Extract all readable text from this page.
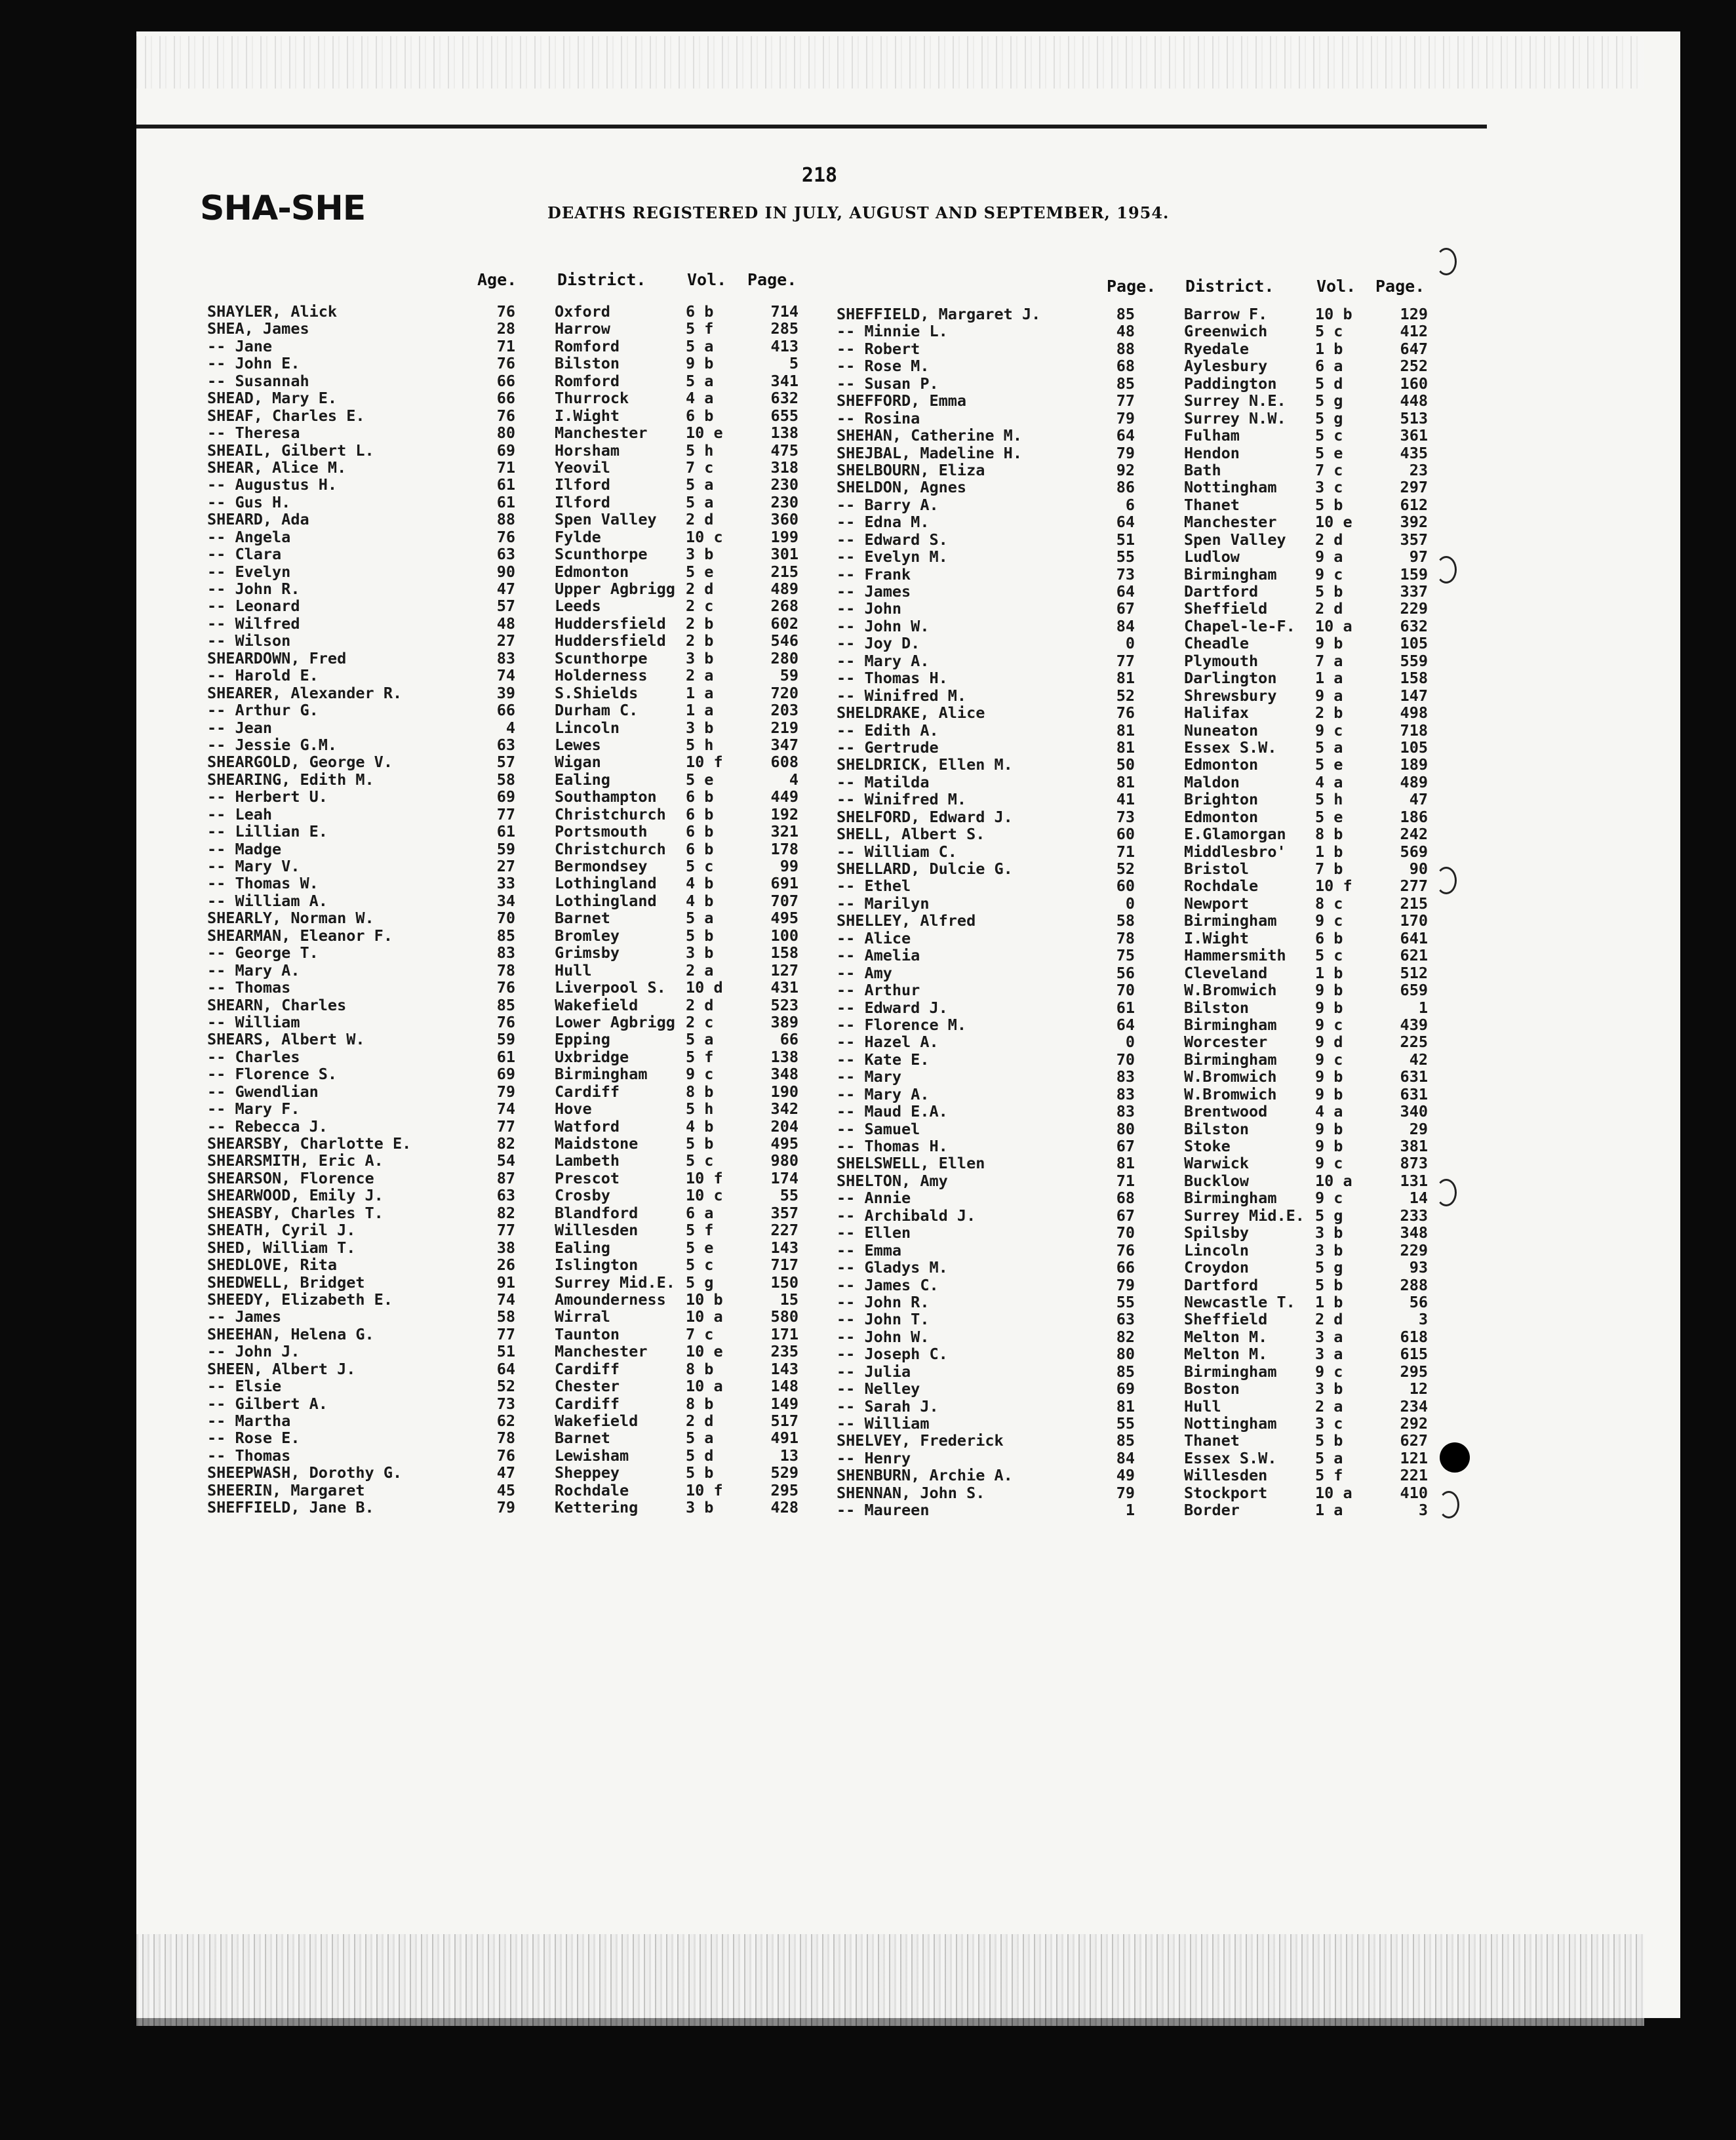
218
SHA-SHE	DEATHS REGISTERED IN JULY, AUGUST AND SEPTEMBER, 1954.
Age. District.	Vol. Page.	Page. District.	Vol. Page.
SHAYLER, Alick	76	Oxford	6 b	714
SHEA, James	28	Harrow	5 f	285
-- Jane	71	Romford	5 a	413
-- John E.	76	Bilston	9 b	5
-- Susannah	66	Romford	5 a	341
SHEAD, Mary E.	66	Thurrock	4 a	632
SHEAF, Charles E.	76	I.Wight	6 b	655
-- Theresa	80	Manchester 10 e	138
SHEAIL, Gilbert L.	69	Horsham	5 h	475
SHEAR, Alice M.	71	Yeovil	7 c	318
-- Augustus H.	61	Ilford	5 a	230
-- Gus H.	61	Ilford	5 a	230
SHEARD, Ada	88	Spen Valley 2 d	360
-- Angela	76	Fylde	10 c	199
-- Clara	63	Scunthorpe 3 b	301
-- Evelyn	90	Edmonton	5 e	215
-- John R.	47	Upper Agbrigg 2 d	489
-- Leonard	57	Leeds	2 c	268
-- Wilfred	48	Huddersfield 2 b	602
-- Wilson	27	Huddersfield 2 b	546
SHEARDOWN, Fred	83	Scunthorpe 3 b	280
-- Harold E.	74	Holderness 2 a	59
SHEARER, Alexander R.	39	S.Shields	1 a	720
-- Arthur G.	66	Durham C.	1 a	203
-- Jean	4	Lincoln	3 b	219
-- Jessie G.M.	63	Lewes	5 h	347
SHEARGOLD, George V.	57	Wigan	10 f	608
SHEARING, Edith M.	58	Ealing	5 e	4
-- Herbert U.	69	Southampton 6 b	449
-- Leah	77	Christchurch 6 b	192
-- Lillian E.	61	Portsmouth 6 b	321
-- Madge	59	Christchurch 6 b	178
-- Mary V.	27	Bermondsey 5 c	99
-- Thomas W.	33	Lothingland 4 b	691
-- William A.	34	Lothingland 4 b	707
SHEARLY, Norman W.	70	Barnet	5 a	495
SHEARMAN, Eleanor F.	85	Bromley	5 b	100
-- George T.	83	Grimsby	3 b	158
-- Mary A.	78	Hull	2 a	127
-- Thomas	76	Liverpool S. 10 d	431
SHEARN, Charles	85	Wakefield	2 d	523
-- William	76	Lower Agbrigg 2 c	389
SHEARS, Albert W.	59	Epping	5 a	66
-- Charles	61	Uxbridge	5 f	138
-- Florence S.	69	Birmingham 9 c	348
-- Gwendlian	79	Cardiff	8 b	190
-- Mary F.	74	Hove	5 h	342
-- Rebecca J.	77	Watford	4 b	204
SHEARSBY, Charlotte E.	82	Maidstone	5 b	495
SHEARSMITH, Eric A.	54	Lambeth	5 c	980
SHEARSON, Florence	87	Prescot	10 f	174
SHEARWOOD, Emily J.	63	Crosby	10 c	55
SHEASBY, Charles T.	82	Blandford	6 a	357
SHEATH, Cyril J.	77	Willesden	5 f	227
SHED, William T.	38	Ealing	5 e	143
SHEDLOVE, Rita	26	Islington	5 c	717
SHEDWELL, Bridget	91	Surrey Mid.E. 5 g	150
SHEEDY, Elizabeth E.	74	Amounderness 10 b	15
-- James	58	Wirral	10 a	580
SHEEHAN, Helena G.	77	Taunton	7 c	171
-- John J.	51	Manchester 10 e	235
SHEEN, Albert J.	64	Cardiff	8 b	143
-- Elsie	52	Chester	10 a	148
-- Gilbert A.	73	Cardiff	8 b	149
-- Martha	62	Wakefield	2 d	517
-- Rose E.	78	Barnet	5 a	491
-- Thomas	76	Lewisham	5 d	13
SHEEPWASH, Dorothy G.	47	Sheppey	5 b	529
SHEERIN, Margaret	45	Rochdale	10 f	295
SHEFFIELD, Jane B.	79	Kettering	3 b	428
SHEFFIELD, Margaret J.	85	Barrow F.	10 b	129
-- Minnie L.	48	Greenwich	5 c	412
-- Robert	88	Ryedale	1 b	647
-- Rose M.	68	Aylesbury	6 a	252
-- Susan P.	85	Paddington 5 d	160
SHEFFORD, Emma	77	Surrey N.E. 5 g	448
-- Rosina	79	Surrey N.W. 5 g	513
SHEHAN, Catherine M.	64	Fulham	5 c	361
SHEJBAL, Madeline H.	79	Hendon	5 e	435
SHELBOURN, Eliza	92	Bath	7 c	23
SHELDON, Agnes	86	Nottingham 3 c	297
-- Barry A.	6	Thanet	5 b	612
-- Edna M.	64	Manchester 10 e	392
-- Edward S.	51	Spen Valley 2 d	357
-- Evelyn M.	55	Ludlow	9 a	97
-- Frank	73	Birmingham 9 c	159
-- James	64	Dartford	5 b	337
-- John	67	Sheffield	2 d	229
-- John W.	84	Chapel-le-F. 10 a	632
-- Joy D.	0	Cheadle	9 b	105
-- Mary A.	77	Plymouth	7 a	559
-- Thomas H.	81	Darlington 1 a	158
-- Winifred M.	52	Shrewsbury 9 a	147
SHELDRAKE, Alice	76	Halifax	2 b	498
-- Edith A.	81	Nuneaton	9 c	718
-- Gertrude	81	Essex S.W. 5 a	105
SHELDRICK, Ellen M.	50	Edmonton	5 e	189
-- Matilda	81	Maldon	4 a	489
-- Winifred M.	41	Brighton	5 h	47
SHELFORD, Edward J.	73	Edmonton	5 e	186
SHELL, Albert S.	60	E.Glamorgan 8 b	242
-- William C.	71	Middlesbro' 1 b	569
SHELLARD, Dulcie G.	52	Bristol	7 b	90
-- Ethel	60	Rochdale	10 f	277
-- Marilyn	0	Newport	8 c	215
SHELLEY, Alfred	58	Birmingham 9 c	170
-- Alice	78	I.Wight	6 b	641
-- Amelia	75	Hammersmith 5 c	621
-- Amy	56	Cleveland	1 b	512
-- Arthur	70	W.Bromwich 9 b	659
-- Edward J.	61	Bilston	9 b	1
-- Florence M.	64	Birmingham 9 c	439
-- Hazel A.	0	Worcester	9 d	225
-- Kate E.	70	Birmingham 9 c	42
-- Mary	83	W.Bromwich 9 b	631
-- Mary A.	83	W.Bromwich 9 b	631
-- Maud E.A.	83	Brentwood	4 a	340
-- Samuel	80	Bilston	9 b	29
-- Thomas H.	67	Stoke	9 b	381
SHELSWELL, Ellen	81	Warwick	9 c	873
SHELTON, Amy	71	Bucklow	10 a	131
-- Annie	68	Birmingham 9 c	14
-- Archibald J.	67	Surrey Mid.E. 5 g	233
-- Ellen	70	Spilsby	3 b	348
-- Emma	76	Lincoln	3 b	229
-- Gladys M.	66	Croydon	5 g	93
-- James C.	79	Dartford	5 b	288
-- John R.	55	Newcastle T. 1 b	56
-- John T.	63	Sheffield	2 d	3
-- John W.	82	Melton M.	3 a	618
-- Joseph C.	80	Melton M.	3 a	615
-- Julia	85	Birmingham 9 c	295
-- Nelley	69	Boston	3 b	12
-- Sarah J.	81	Hull	2 a	234
-- William	55	Nottingham 3 c	292
SHELVEY, Frederick	85	Thanet	5 b	627
-- Henry	84	Essex S.W. 5 a	121
SHENBURN, Archie A.	49	Willesden	5 f	221
SHENNAN, John S.	79	Stockport	10 a	410
-- Maureen	1	Border	1 a	3
